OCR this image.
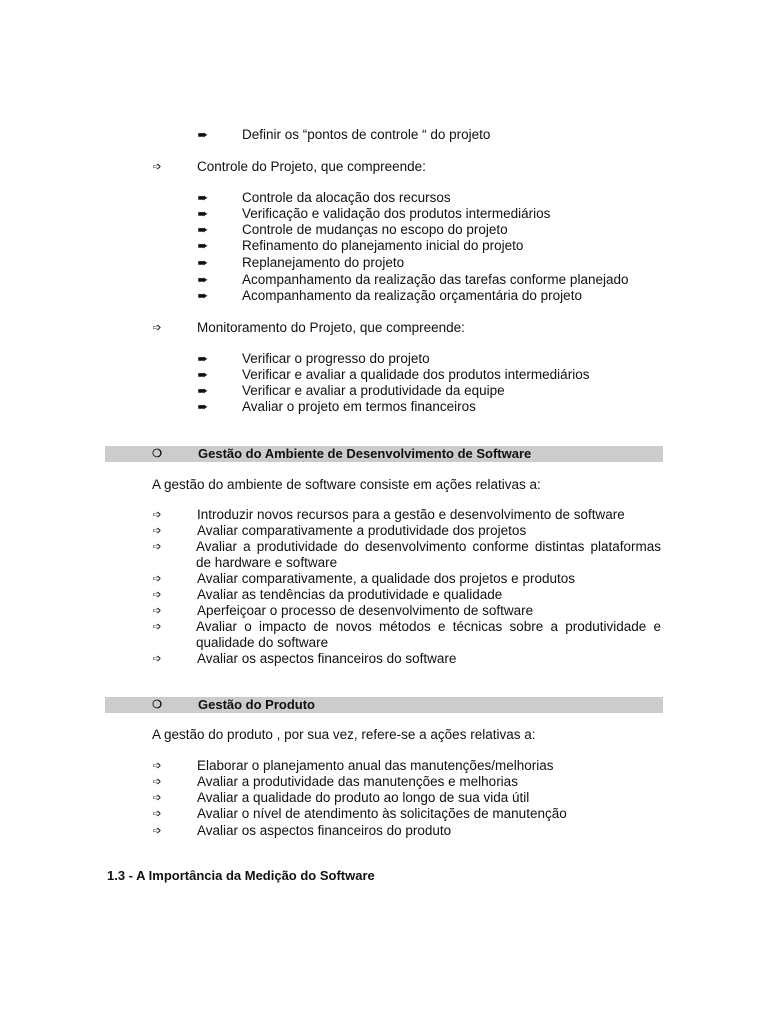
➨ Definir os “pontos de controle “ do projeto
➩	Controle do Projeto, que compreende:
➨ Controle da alocação dos recursos
➨ Verificação e validação dos produtos intermediários
➨ Controle de mudanças no escopo do projeto
➨ Refinamento do planejamento inicial do projeto
➨ Replanejamento do projeto
➨ Acompanhamento da realização das tarefas conforme planejado
➨ Acompanhamento da realização orçamentária do projeto
➩	Monitoramento do Projeto, que compreende:
➨ Verificar o progresso do projeto
➨ Verificar e avaliar a qualidade dos produtos intermediários
➨ Verificar e avaliar a produtividade da equipe
➨ Avaliar o projeto em termos financeiros
❍	Gestão do Ambiente de Desenvolvimento de Software
A gestão do ambiente de software consiste em ações relativas a:
➩	Introduzir novos recursos para a gestão e desenvolvimento de software
➩	Avaliar comparativamente a produtividade dos projetos
➩	Avaliar a produtividade do desenvolvimento conforme distintas plataformas
de hardware e software
➩	Avaliar comparativamente, a qualidade dos projetos e produtos
➩	Avaliar as tendências da produtividade e qualidade
➩	Aperfeiçoar o processo de desenvolvimento de software
➩	Avaliar o impacto de novos métodos e técnicas sobre a produtividade e
qualidade do software
➩	Avaliar os aspectos financeiros do software
❍	Gestão do Produto
A gestão do produto , por sua vez, refere-se a ações relativas a:
➩	Elaborar o planejamento anual das manutenções/melhorias
➩	Avaliar a produtividade das manutenções e melhorias
➩	Avaliar a qualidade do produto ao longo de sua vida útil
➩	Avaliar o nível de atendimento às solicitações de manutenção
➩	Avaliar os aspectos financeiros do produto
1.3 - A Importância da Medição do Software
